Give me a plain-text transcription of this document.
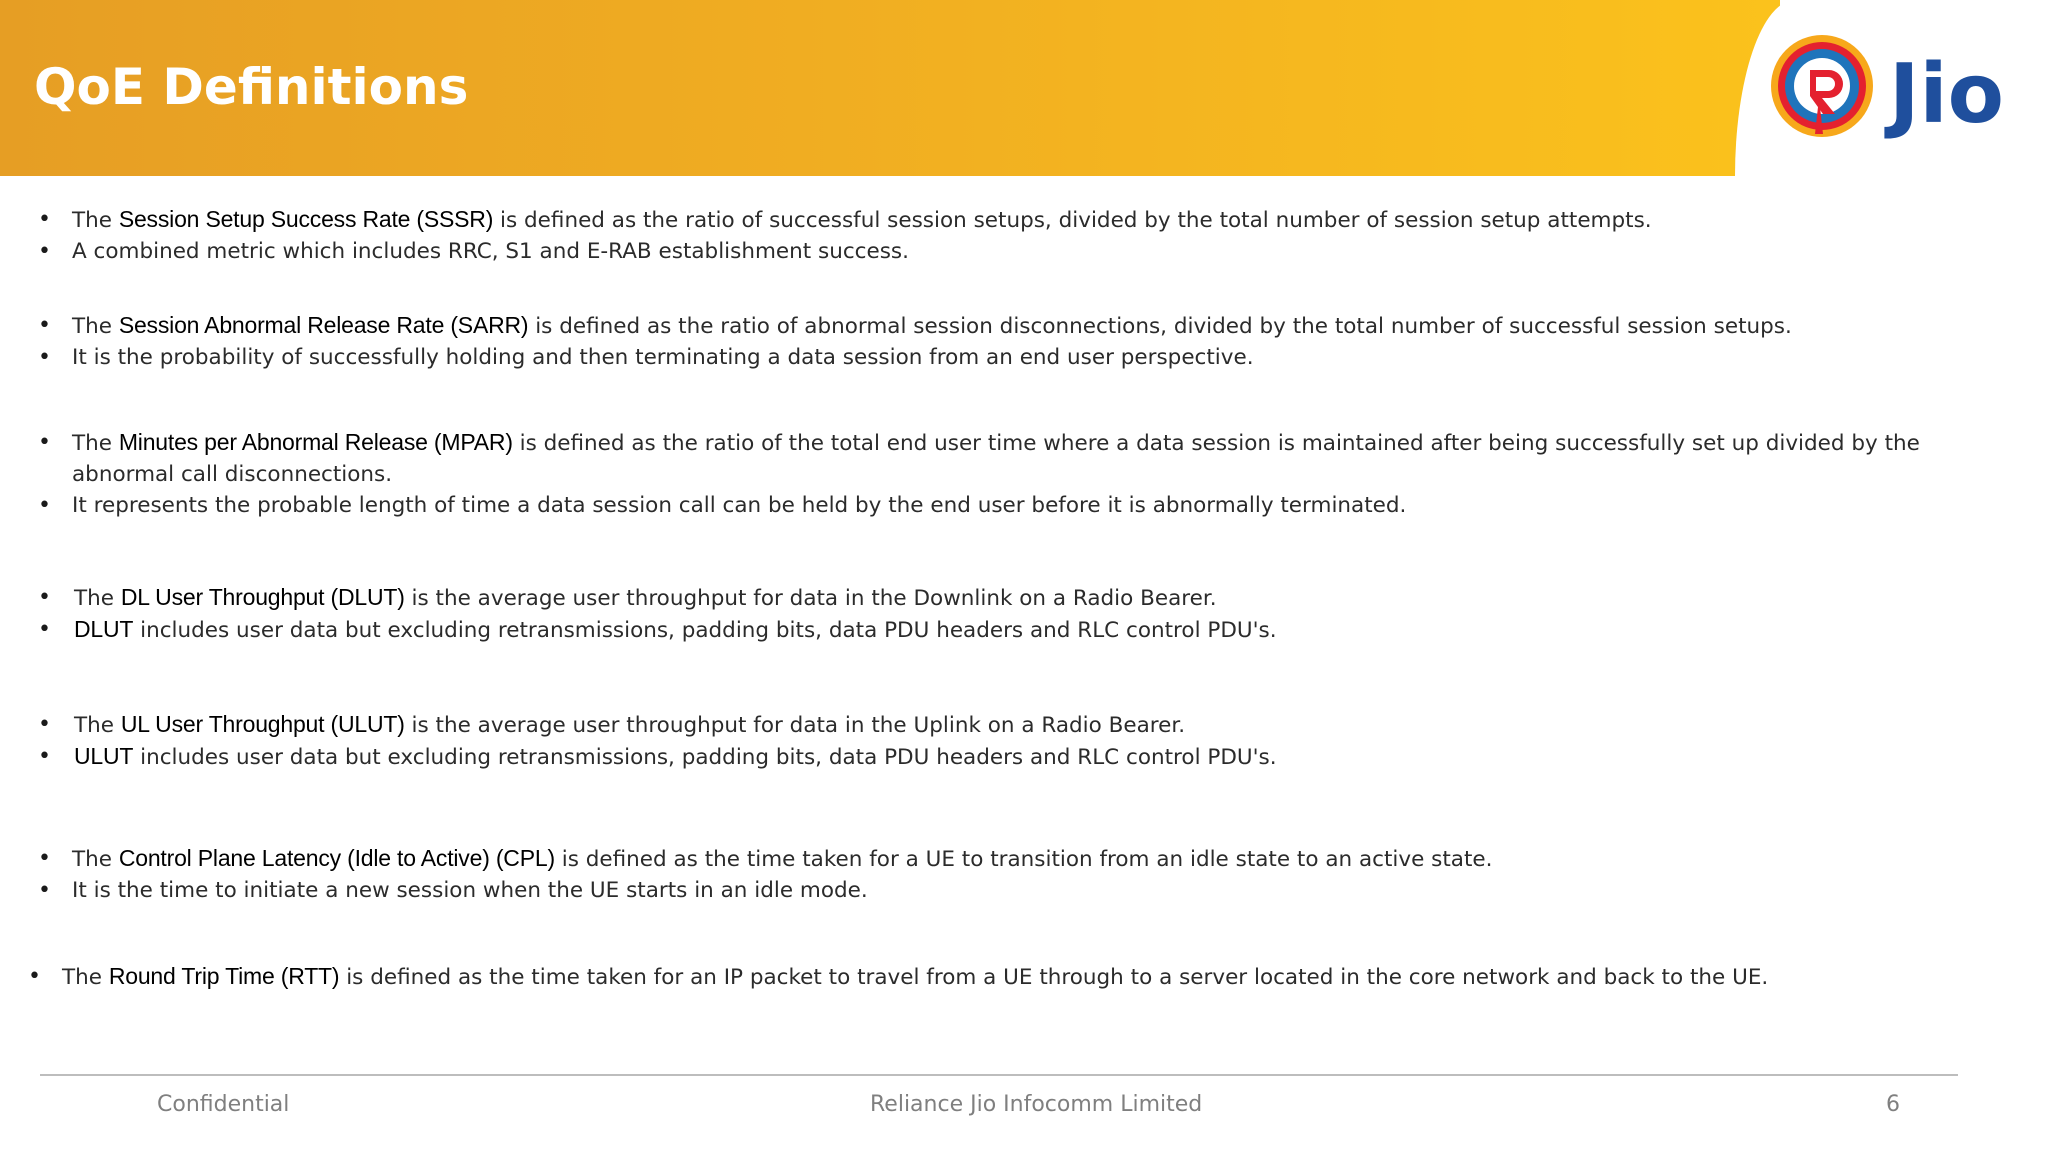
QoE Definitions	Jio
• The Session Setup Success Rate (SSSR) is defined as the ratio of successful session setups, divided by the total number of session setup attempts.
• A combined metric which includes RRC, S1 and E-RAB establishment success.
• The Session Abnormal Release Rate (SARR) is defined as the ratio of abnormal session disconnections, divided by the total number of successful session setups.
• It is the probability of successfully holding and then terminating a data session from an end user perspective.
• The Minutes per Abnormal Release (MPAR) is defined as the ratio of the total end user time where a data session is maintained after being successfully set up divided by the abnormal call disconnections.
• It represents the probable length of time a data session call can be held by the end user before it is abnormally terminated.
• The DL User Throughput (DLUT) is the average user throughput for data in the Downlink on a Radio Bearer.
• DLUT includes user data but excluding retransmissions, padding bits, data PDU headers and RLC control PDU's.
• The UL User Throughput (ULUT) is the average user throughput for data in the Uplink on a Radio Bearer.
• ULUT includes user data but excluding retransmissions, padding bits, data PDU headers and RLC control PDU's.
• The Control Plane Latency (Idle to Active) (CPL) is defined as the time taken for a UE to transition from an idle state to an active state.
• It is the time to initiate a new session when the UE starts in an idle mode.
• The Round Trip Time (RTT) is defined as the time taken for an IP packet to travel from a UE through to a server located in the core network and back to the UE.
Confidential	Reliance Jio Infocomm Limited	6
